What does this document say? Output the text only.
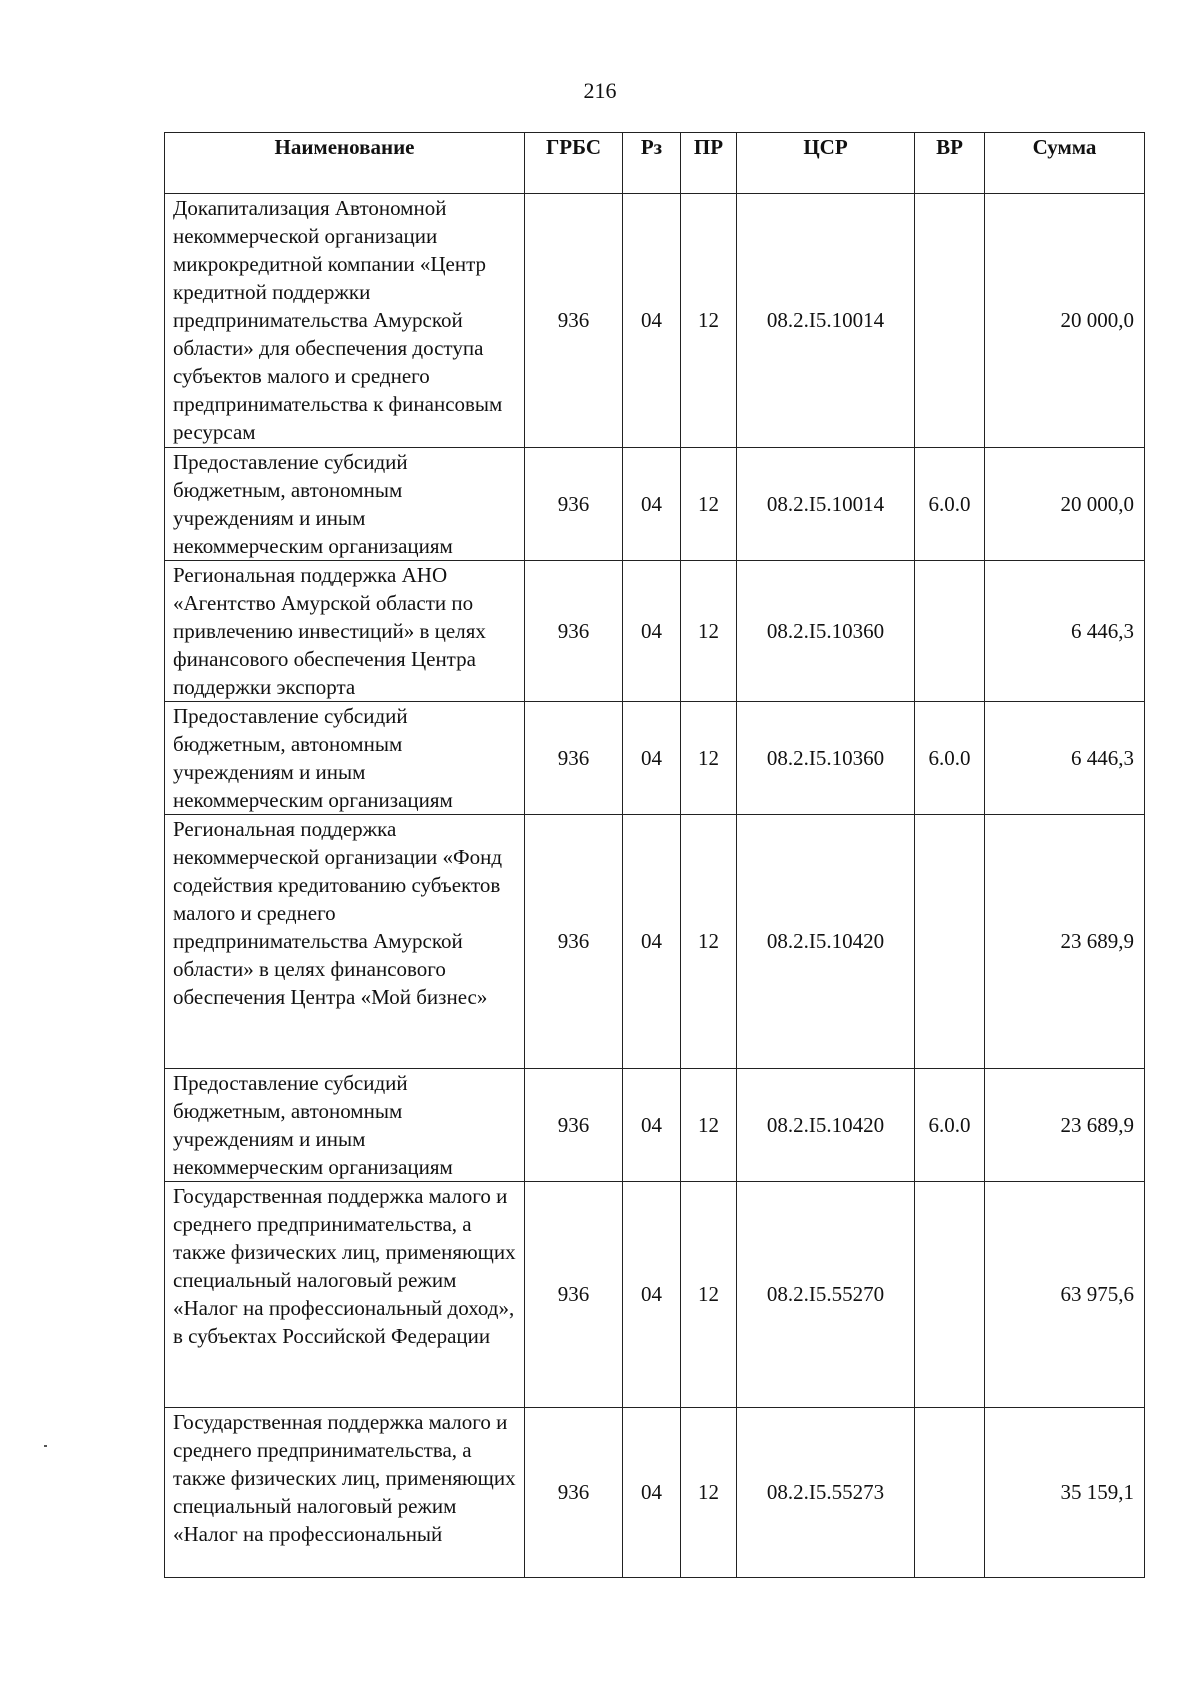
216
Наименование	ГРБС	Рз	ПР	ЦСР	ВР	Сумма
Докапитализация Автономной некоммерческой организации микрокредитной компании «Центр кредитной поддержки предпринимательства Амурской области» для обеспечения доступа субъектов малого и среднего предпринимательства к финансовым ресурсам	936	04	12	08.2.I5.10014		20 000,0
Предоставление субсидий бюджетным, автономным учреждениям и иным некоммерческим организациям	936	04	12	08.2.I5.10014	6.0.0	20 000,0
Региональная поддержка АНО «Агентство Амурской области по привлечению инвестиций» в целях финансового обеспечения Центра поддержки экспорта	936	04	12	08.2.I5.10360		6 446,3
Предоставление субсидий бюджетным, автономным учреждениям и иным некоммерческим организациям	936	04	12	08.2.I5.10360	6.0.0	6 446,3
Региональная поддержка некоммерческой организации «Фонд содействия кредитованию субъектов малого и среднего предпринимательства Амурской области» в целях финансового обеспечения Центра «Мой бизнес»	936	04	12	08.2.I5.10420		23 689,9
Предоставление субсидий бюджетным, автономным учреждениям и иным некоммерческим организациям	936	04	12	08.2.I5.10420	6.0.0	23 689,9
Государственная поддержка малого и среднего предпринимательства, а также физических лиц, применяющих специальный налоговый режим «Налог на профессиональный доход», в субъектах Российской Федерации	936	04	12	08.2.I5.55270		63 975,6
Государственная поддержка малого и среднего предпринимательства, а также физических лиц, применяющих специальный налоговый режим «Налог на профессиональный	936	04	12	08.2.I5.55273		35 159,1
